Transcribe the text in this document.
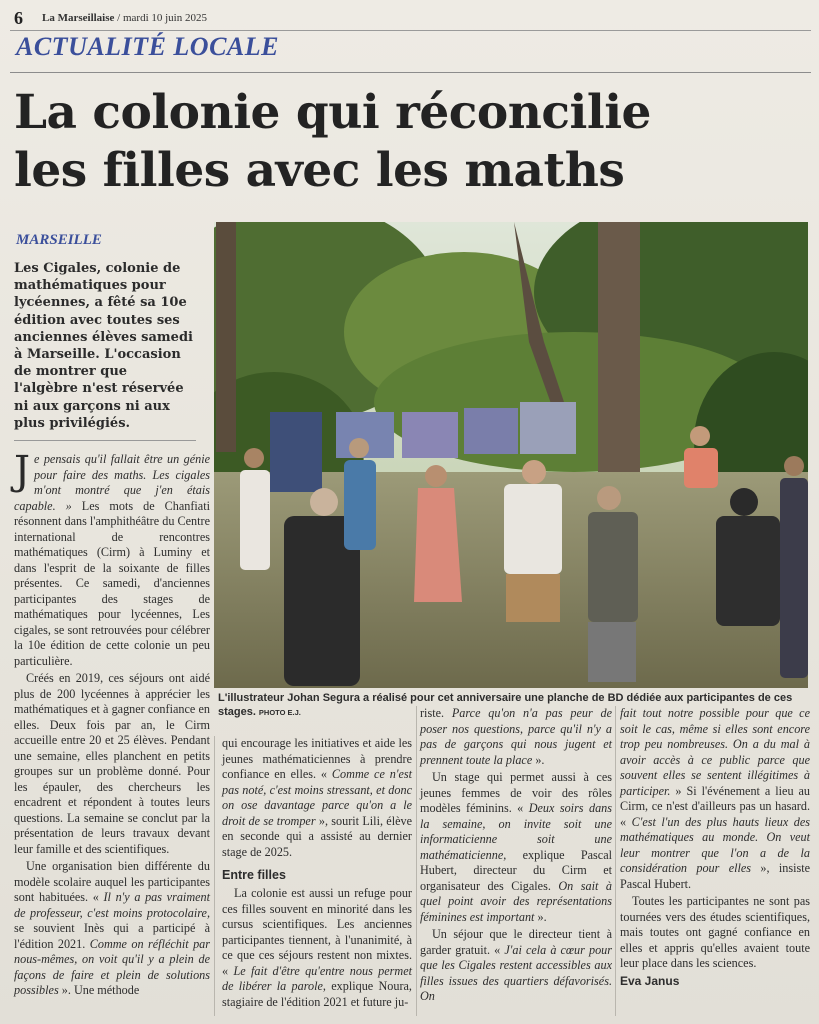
6 La Marseillaise / mardi 10 juin 2025
ACTUALITÉ LOCALE
La colonie qui réconcilie
les filles avec les maths
MARSEILLE
Les Cigales, colonie de mathématiques pour lycéennes, a fêté sa 10e édition avec toutes ses anciennes élèves samedi à Marseille. L'occasion de montrer que l'algèbre n'est réservée ni aux garçons ni aux plus privilégiés.
L'illustrateur Johan Segura a réalisé pour cet anniversaire une planche de BD dédiée aux participantes de ces stages. PHOTO E.J.

Je pensais qu'il fallait être un génie pour faire des maths. Les cigales m'ont montré que j'en étais capable. » Les mots de Chanfiati résonnent dans l'amphithéâtre du Centre international de rencontres mathématiques (Cirm) à Luminy et dans l'esprit de la soixante de filles présentes. Ce samedi, d'anciennes participantes des stages de mathématiques pour lycéennes, Les cigales, se sont retrouvées pour célébrer la 10e édition de cette colonie un peu particulière.

Créés en 2019, ces séjours ont aidé plus de 200 lycéennes à apprécier les mathématiques et à gagner confiance en elles. Deux fois par an, le Cirm accueille entre 20 et 25 élèves. Pendant une semaine, elles planchent en petits groupes sur un problème donné. Pour les épauler, des chercheurs les encadrent et répondent à toutes leurs questions. La semaine se conclut par la présentation de leurs travaux devant leur famille et des scientifiques.

Une organisation bien différente du modèle scolaire auquel les participantes sont habituées. « Il n'y a pas vraiment de professeur, c'est moins protocolaire, se souvient Inès qui a participé à l'édition 2021. Comme on réfléchit par nous-mêmes, on voit qu'il y a plein de façons de faire et plein de solutions possibles ». Une méthode

qui encourage les initiatives et aide les jeunes mathématiciennes à prendre confiance en elles. « Comme ce n'est pas noté, c'est moins stressant, et donc on ose davantage parce qu'on a le droit de se tromper », sourit Lili, élève en seconde qui a assisté au dernier stage de 2025.

Entre filles

La colonie est aussi un refuge pour ces filles souvent en minorité dans les cursus scientifiques. Les anciennes participantes tiennent, à l'unanimité, à ce que ces séjours restent non mixtes. « Le fait d'être qu'entre nous permet de libérer la parole, explique Noura, stagiaire de l'édition 2021 et future ju-

riste. Parce qu'on n'a pas peur de poser nos questions, parce qu'il n'y a pas de garçons qui nous jugent et prennent toute la place ».

Un stage qui permet aussi à ces jeunes femmes de voir des rôles modèles féminins. « Deux soirs dans la semaine, on invite soit une informaticienne soit une mathématicienne, explique Pascal Hubert, directeur du Cirm et organisateur des Cigales. On sait à quel point avoir des représentations féminines est important ».

Un séjour que le directeur tient à garder gratuit. « J'ai cela à cœur pour que les Cigales restent accessibles aux filles issues des quartiers défavorisés. On

fait tout notre possible pour que ce soit le cas, même si elles sont encore trop peu nombreuses. On a du mal à avoir accès à ce public parce que souvent elles se sentent illégitimes à participer. » Si l'événement a lieu au Cirm, ce n'est d'ailleurs pas un hasard. « C'est l'un des plus hauts lieux des mathématiques au monde. On veut leur montrer que l'on a de la considération pour elles », insiste Pascal Hubert.

Toutes les participantes ne sont pas tournées vers des études scientifiques, mais toutes ont gagné confiance en elles et appris qu'elles avaient toute leur place dans les sciences.

Eva Janus
